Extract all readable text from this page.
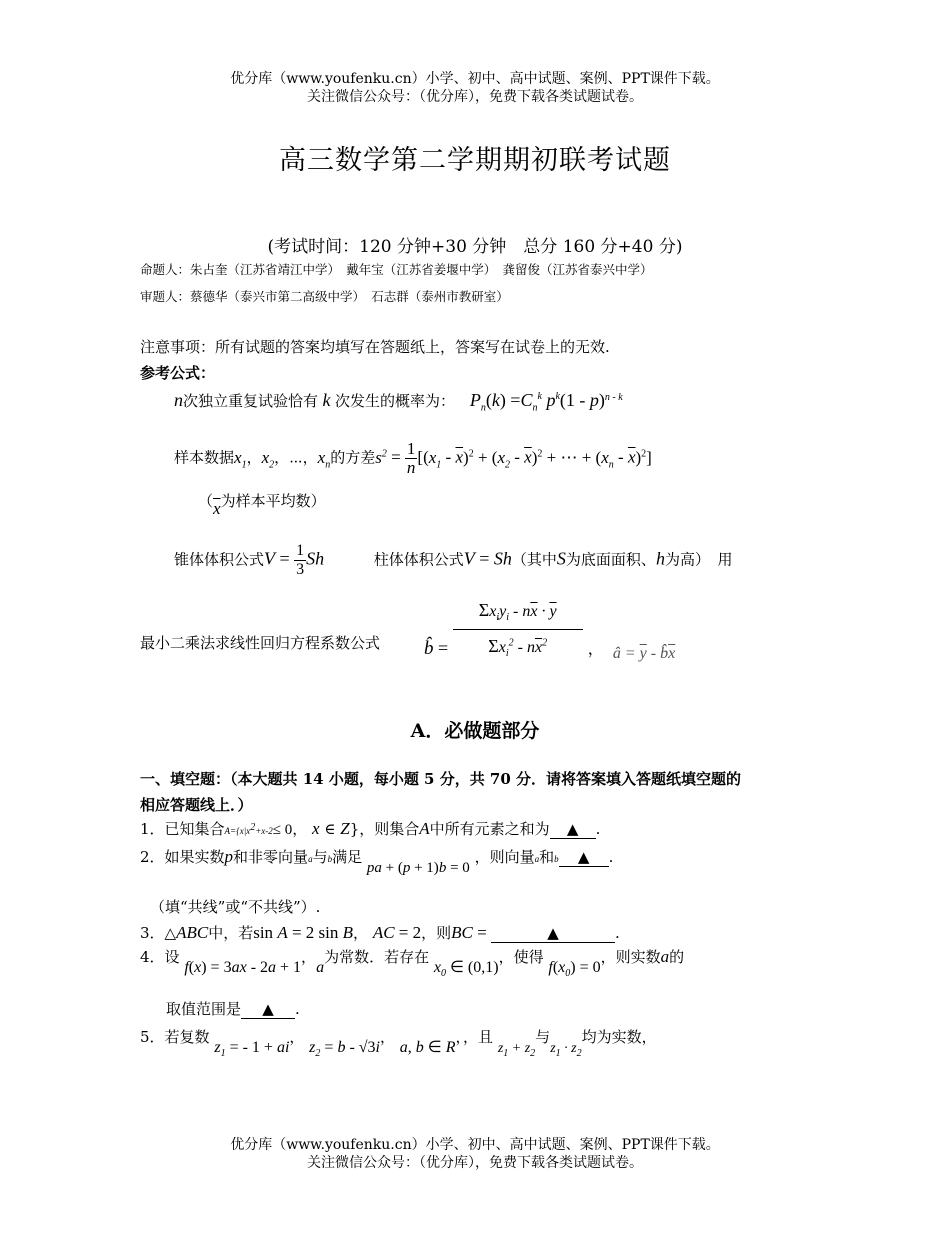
优分库（www.youfenku.cn）小学、初中、高中试题、案例、PPT课件下载。
关注微信公众号：（优分库），免费下载各类试题试卷。
高三数学第二学期期初联考试题
(考试时间：120 分钟+30 分钟　总分 160 分+40 分)
命题人：朱占奎（江苏省靖江中学）　戴年宝（江苏省姜堰中学）　龚留俊（江苏省泰兴中学）
审题人：蔡德华（泰兴市第二高级中学）　石志群（泰州市教研室）
注意事项：所有试题的答案均填写在答题纸上，答案写在试卷上的无效.
参考公式：
n次独立重复试验恰有 k 次发生的概率为： $P_n(k) =C_n^k$ $p^k(1 - p)^{n - k}$
样本数据$x_1$，$x_2$，⋯，$x_n$的方差$s^2 = \frac{1}{n} [(x_1 - \overline{x})^2 + (x_2 - \overline{x})^2$ + ⋯ + $(x_n - \overline{x})^2$]
（$\overline{x}$为样本平均数）
锥体体积公式$V = \frac{1}{3}$ Sh	柱体体积公式V = Sh（其中S为底面面积、h为高）　用
最小二乘法求线性回归方程系数公式 b̂ = $\Sigma x_iy_i - n\overline{x} \cdot \overline{y}$
$\Sigma x_i^2 - n\overline{x}^2$	，  â = $\overline{y}$ - $b̂\overline{x}$
A．必做题部分
一、填空题：（本大题共 14 小题，每小题 5 分，共 70 分．请将答案填入答题纸填空题的
相应答题线上．）
1．已知集合$A=\{x|x^2+x-2\le 0$， x ∈ Z}，则集合A中所有元素之和为 ▲ .
2．如果实数p和非零向量a与b满足 pa + (p + 1)b = 0 ，则向量a和b ▲ .
（填“共线”或“不共线”）.
3．△ABC中，若sin A = 2 sin B， AC = 2，则BC =	▲	.
4．设 f(x) = 3ax - 2a + 1，a为常数．若存在 $x_0$ ∈ (0,1)，使得 $f(x_0) = 0$，则实数a的
取值范围是 ▲ .
5．若复数 $z_1$ = - 1 + ai， $z_2 = b - √3i$， a, b ∈ R，，且 $z_1 + z_2$与$z_1 \cdot z_2$均为实数，
优分库（www.youfenku.cn）小学、初中、高中试题、案例、PPT课件下载。
关注微信公众号：（优分库），免费下载各类试题试卷。
